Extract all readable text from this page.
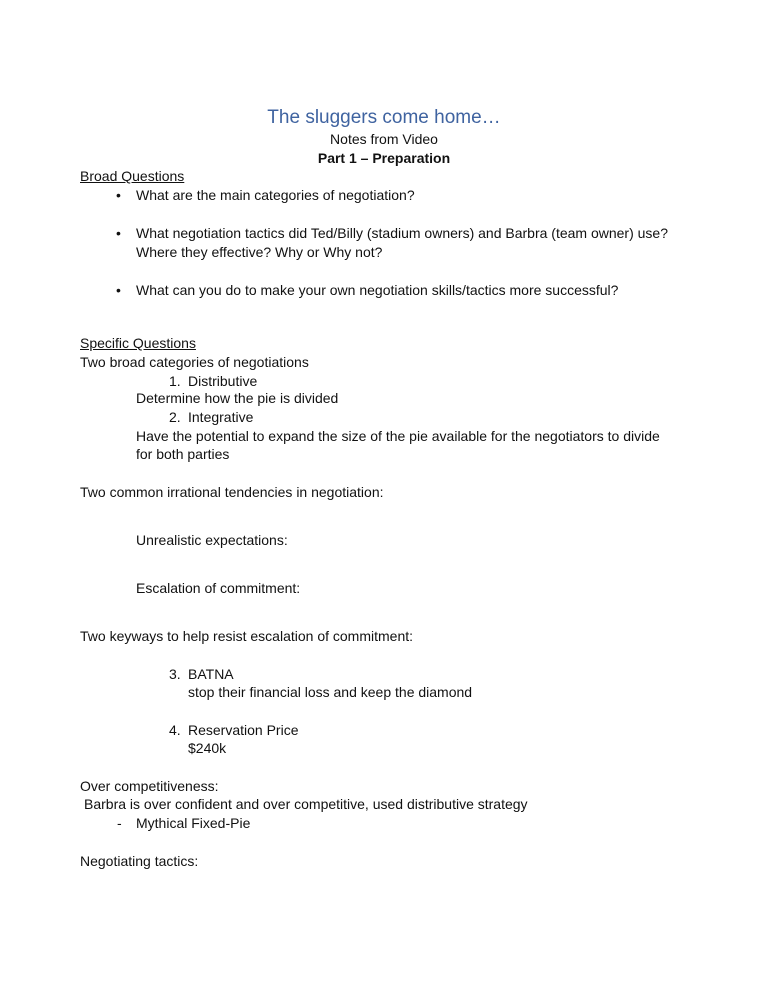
The sluggers come home…
Notes from Video
Part 1 – Preparation
Broad Questions
• What are the main categories of negotiation?
• What negotiation tactics did Ted/Billy (stadium owners) and Barbra (team owner) use?
Where they effective? Why or Why not?
• What can you do to make your own negotiation skills/tactics more successful?
Specific Questions
Two broad categories of negotiations
1. Distributive
Determine how the pie is divided
2. Integrative
Have the potential to expand the size of the pie available for the negotiators to divide
for both parties
Two common irrational tendencies in negotiation:
Unrealistic expectations:
Escalation of commitment:
Two keyways to help resist escalation of commitment:
3. BATNA
stop their financial loss and keep the diamond
4. Reservation Price
$240k
Over competitiveness:
Barbra is over confident and over competitive, used distributive strategy
- Mythical Fixed-Pie
Negotiating tactics:
